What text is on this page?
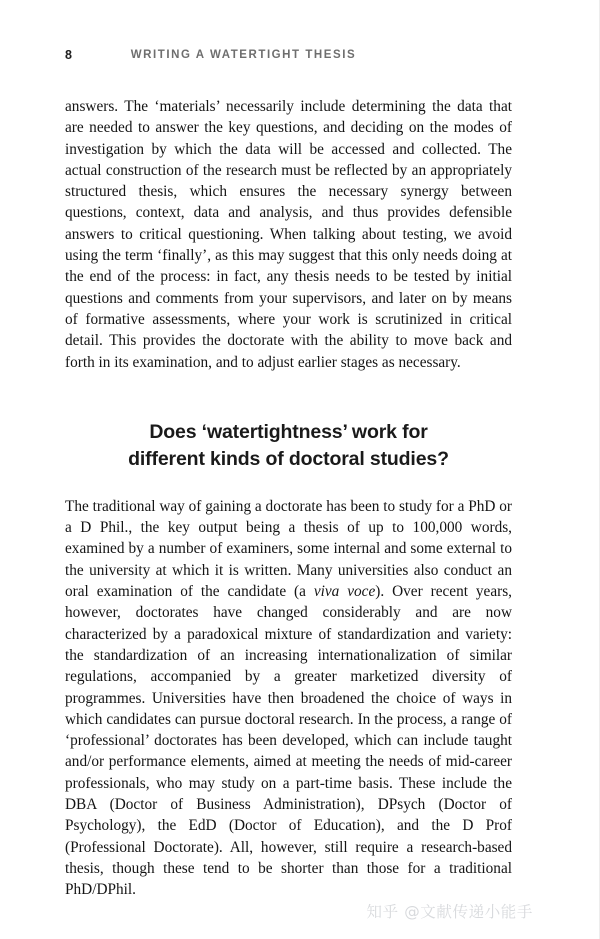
8	WRITING A WATERTIGHT THESIS

answers. The ‘materials’ necessarily include determining the data that are needed to answer the key questions, and deciding on the modes of investigation by which the data will be accessed and collected. The actual construction of the research must be reflected by an appropriately structured thesis, which ensures the necessary synergy between questions, context, data and analysis, and thus provides defensible answers to critical questioning. When talking about testing, we avoid using the term ‘finally’, as this may suggest that this only needs doing at the end of the process: in fact, any thesis needs to be tested by initial questions and comments from your supervisors, and later on by means of formative assessments, where your work is scrutinized in critical detail. This provides the doctorate with the ability to move back and forth in its examination, and to adjust earlier stages as necessary.

Does ‘watertightness’ work for
different kinds of doctoral studies?

The traditional way of gaining a doctorate has been to study for a PhD or a D Phil., the key output being a thesis of up to 100,000 words, examined by a number of examiners, some internal and some external to the university at which it is written. Many universities also conduct an oral examination of the candidate (a viva voce). Over recent years, however, doctorates have changed considerably and are now characterized by a paradoxical mixture of standardization and variety: the standardization of an increasing internationalization of similar regulations, accompanied by a greater marketized diversity of programmes. Universities have then broadened the choice of ways in which candidates can pursue doctoral research. In the process, a range of ‘professional’ doctorates has been developed, which can include taught and/or performance elements, aimed at meeting the needs of mid-career professionals, who may study on a part-time basis. These include the DBA (Doctor of Business Administration), DPsych (Doctor of Psychology), the EdD (Doctor of Education), and the D Prof (Professional Doctorate). All, however, still require a research-based thesis, though these tend to be shorter than those for a traditional PhD/DPhil.

知乎 @文献传递小能手
